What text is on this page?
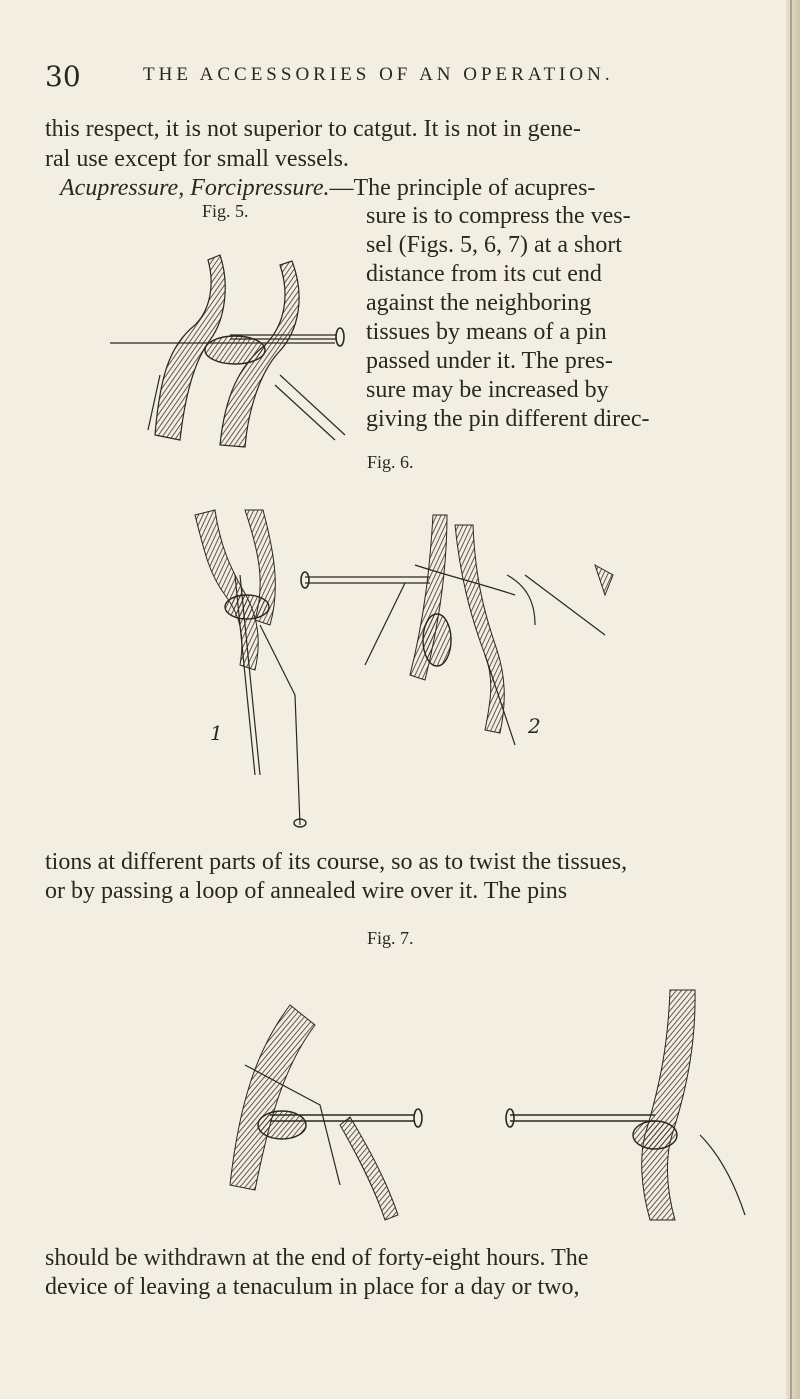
30	THE ACCESSORIES OF AN OPERATION.
this respect, it is not superior to catgut. It is not in gene-
ral use except for small vessels.
Acupressure, Forcipressure.—The principle of acupres-
Fig. 5.	sure is to compress the ves-
sel (Figs. 5, 6, 7) at a short
distance from its cut end
against the neighboring
tissues by means of a pin
passed under it. The pres-
sure may be increased by
giving the pin different direc-
Fig. 6.
1	2
tions at different parts of its course, so as to twist the tissues,
or by passing a loop of annealed wire over it. The pins
Fig. 7.
should be withdrawn at the end of forty-eight hours. The
device of leaving a tenaculum in place for a day or two,
